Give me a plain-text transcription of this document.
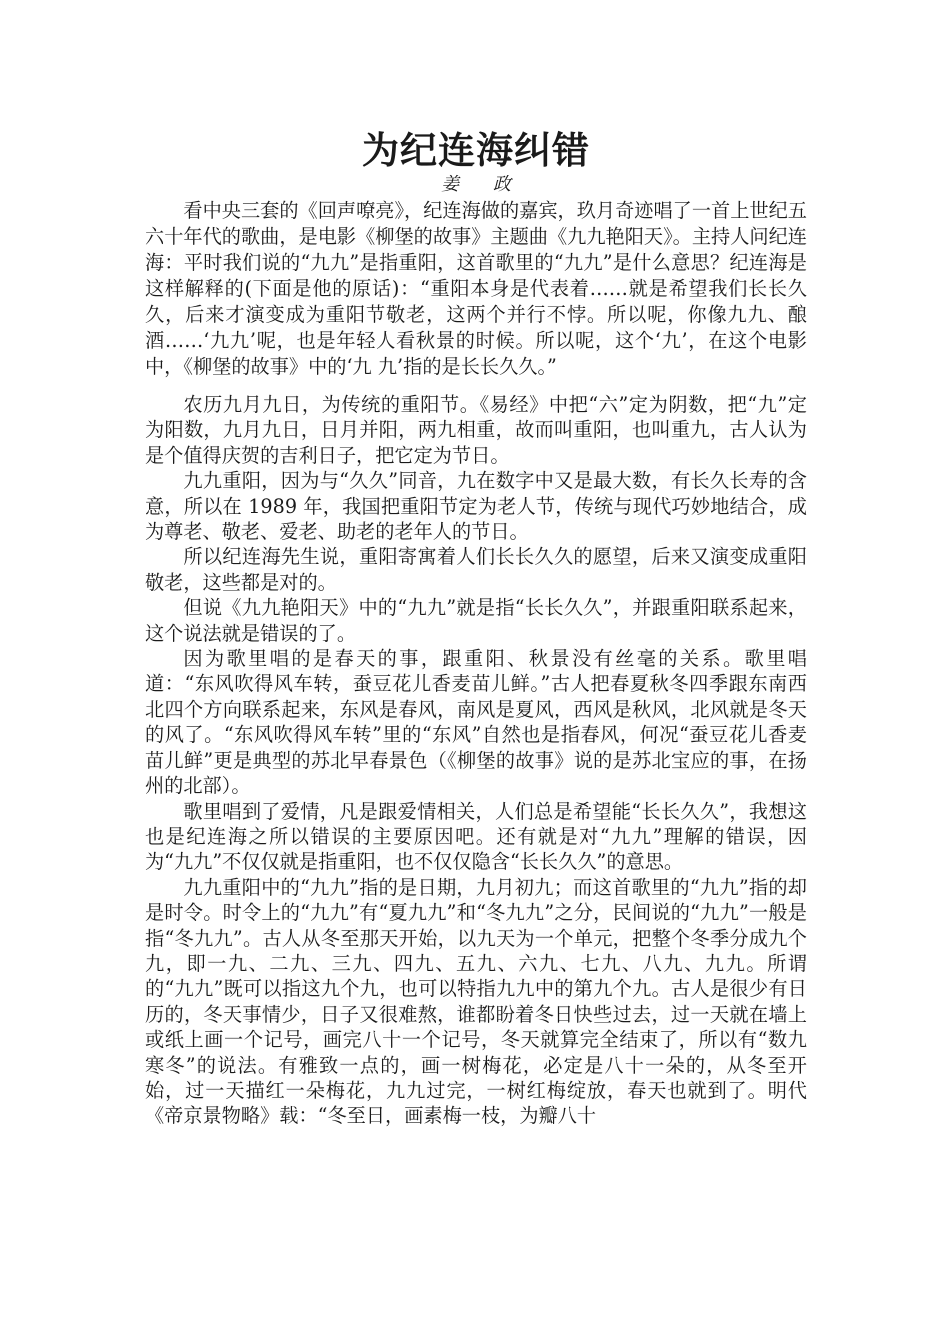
为纪连海纠错
姜 政

看中央三套的《回声嘹亮》，纪连海做的嘉宾，玖月奇迹唱了一首上世纪五六十年代的歌曲，是电影《柳堡的故事》主题曲《九九艳阳天》。主持人问纪连海：平时我们说的“九九”是指重阳，这首歌里的“九九”是什么意思？纪连海是这样解释的(下面是他的原话)：“重阳本身是代表着……就是希望我们长长久久，后来才演变成为重阳节敬老，这两个并行不悖。所以呢，你像九九、酿酒……‘九九’呢，也是年轻人看秋景的时候。所以呢，这个‘九’，在这个电影中，《柳堡的故事》中的‘九 九’指的是长长久久。”

农历九月九日，为传统的重阳节。《易经》中把“六”定为阴数，把“九”定为阳数，九月九日，日月并阳，两九相重，故而叫重阳，也叫重九，古人认为是个值得庆贺的吉利日子，把它定为节日。

九九重阳，因为与“久久”同音，九在数字中又是最大数，有长久长寿的含意，所以在 1989 年，我国把重阳节定为老人节，传统与现代巧妙地结合，成为尊老、敬老、爱老、助老的老年人的节日。

所以纪连海先生说，重阳寄寓着人们长长久久的愿望，后来又演变成重阳敬老，这些都是对的。

但说《九九艳阳天》中的“九九”就是指“长长久久”，并跟重阳联系起来，这个说法就是错误的了。

因为歌里唱的是春天的事，跟重阳、秋景没有丝毫的关系。歌里唱道：“东风吹得风车转，蚕豆花儿香麦苗儿鲜。”古人把春夏秋冬四季跟东南西北四个方向联系起来，东风是春风，南风是夏风，西风是秋风，北风就是冬天的风了。“东风吹得风车转”里的“东风”自然也是指春风，何况“蚕豆花儿香麦苗儿鲜”更是典型的苏北早春景色（《柳堡的故事》说的是苏北宝应的事，在扬州的北部）。

歌里唱到了爱情，凡是跟爱情相关，人们总是希望能“长长久久”，我想这也是纪连海之所以错误的主要原因吧。还有就是对“九九”理解的错误，因为“九九”不仅仅就是指重阳，也不仅仅隐含“长长久久”的意思。

九九重阳中的“九九”指的是日期，九月初九；而这首歌里的“九九”指的却是时令。时令上的“九九”有“夏九九”和“冬九九”之分，民间说的“九九”一般是指“冬九九”。古人从冬至那天开始，以九天为一个单元，把整个冬季分成九个九，即一九、二九、三九、四九、五九、六九、七九、八九、九九。所谓的“九九”既可以指这九个九，也可以特指九九中的第九个九。古人是很少有日历的，冬天事情少，日子又很难熬，谁都盼着冬日快些过去，过一天就在墙上或纸上画一个记号，画完八十一个记号，冬天就算完全结束了，所以有“数九寒冬”的说法。有雅致一点的，画一树梅花，必定是八十一朵的，从冬至开始，过一天描红一朵梅花，九九过完，一树红梅绽放，春天也就到了。明代《帝京景物略》载：“冬至日，画素梅一枝，为瓣八十
